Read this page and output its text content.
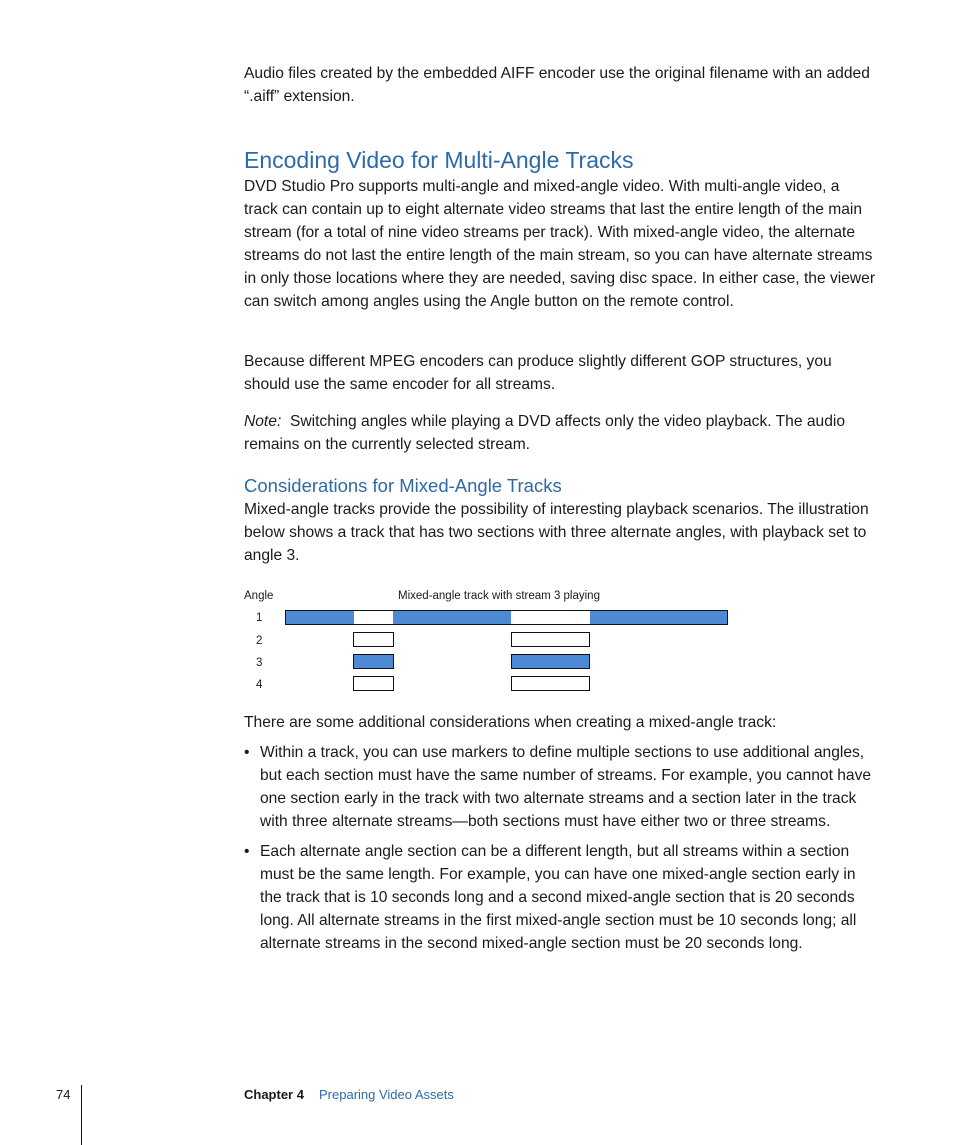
Audio files created by the embedded AIFF encoder use the original filename with an added “.aiff” extension.

Encoding Video for Multi-Angle Tracks

DVD Studio Pro supports multi-angle and mixed-angle video. With multi-angle video, a track can contain up to eight alternate video streams that last the entire length of the main stream (for a total of nine video streams per track). With mixed-angle video, the alternate streams do not last the entire length of the main stream, so you can have alternate streams in only those locations where they are needed, saving disc space. In either case, the viewer can switch among angles using the Angle button on the remote control.

Because different MPEG encoders can produce slightly different GOP structures, you should use the same encoder for all streams.

Note: Switching angles while playing a DVD affects only the video playback. The audio remains on the currently selected stream.

Considerations for Mixed-Angle Tracks

Mixed-angle tracks provide the possibility of interesting playback scenarios. The illustration below shows a track that has two sections with three alternate angles, with playback set to angle 3.

Angle	Mixed-angle track with stream 3 playing
1
2
3
4

There are some additional considerations when creating a mixed-angle track:

• Within a track, you can use markers to define multiple sections to use additional angles, but each section must have the same number of streams. For example, you cannot have one section early in the track with two alternate streams and a section later in the track with three alternate streams—both sections must have either two or three streams.
• Each alternate angle section can be a different length, but all streams within a section must be the same length. For example, you can have one mixed-angle section early in the track that is 10 seconds long and a second mixed-angle section that is 20 seconds long. All alternate streams in the first mixed-angle section must be 10 seconds long; all alternate streams in the second mixed-angle section must be 20 seconds long.
74	Chapter 4 Preparing Video Assets
